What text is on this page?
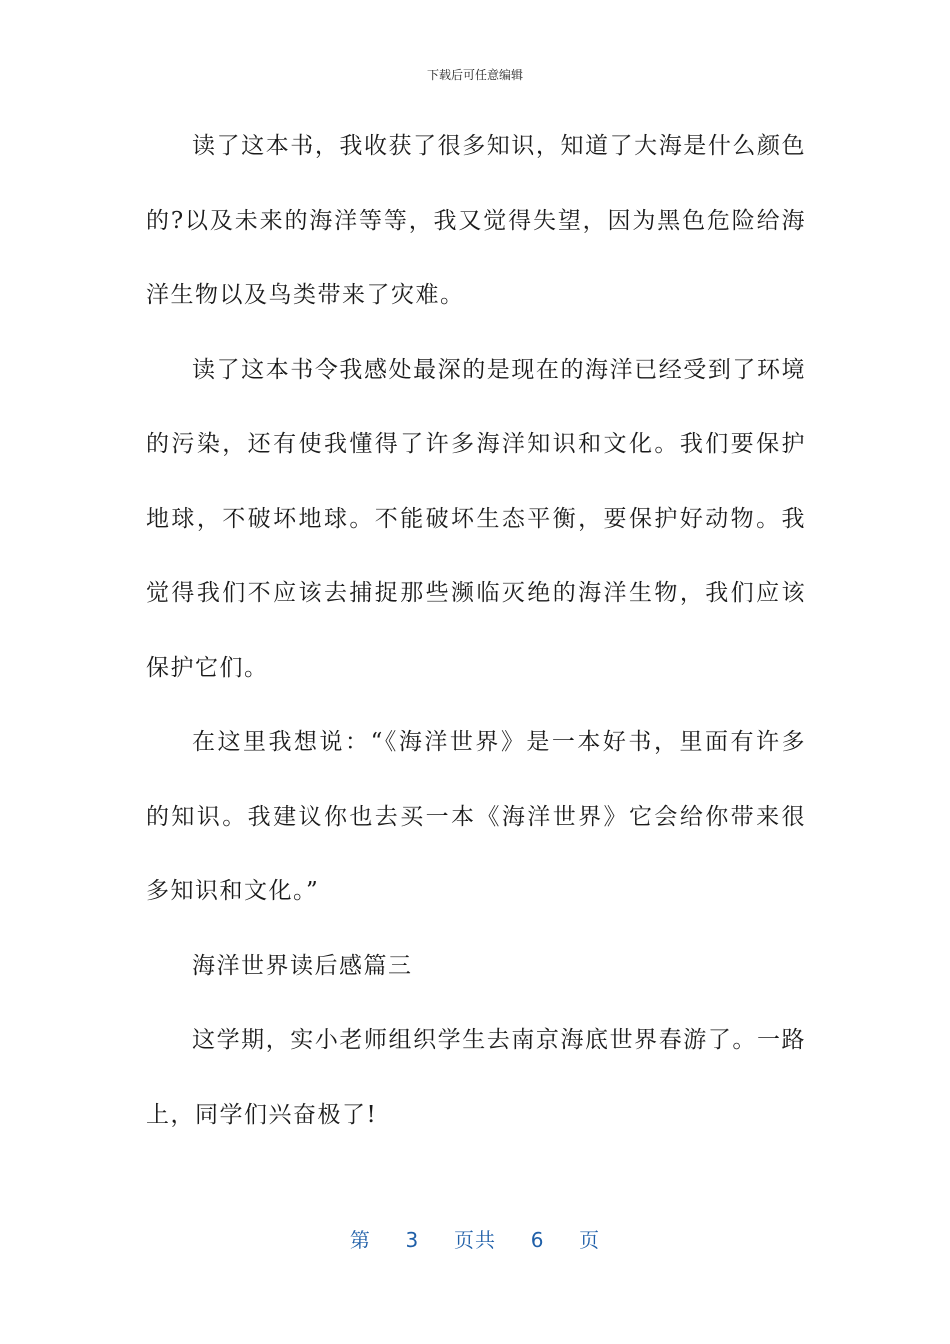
下载后可任意编辑

读了这本书，我收获了很多知识，知道了大海是什么颜色的?以及未来的海洋等等，我又觉得失望，因为黑色危险给海洋生物以及鸟类带来了灾难。

读了这本书令我感处最深的是现在的海洋已经受到了环境的污染，还有使我懂得了许多海洋知识和文化。我们要保护地球，不破坏地球。不能破坏生态平衡，要保护好动物。我觉得我们不应该去捕捉那些濒临灭绝的海洋生物，我们应该保护它们。

在这里我想说：“《海洋世界》是一本好书，里面有许多的知识。我建议你也去买一本《海洋世界》它会给你带来很多知识和文化。”

海洋世界读后感篇三

这学期，实小老师组织学生去南京海底世界春游了。一路上，同学们兴奋极了!

第 3 页共 6 页
